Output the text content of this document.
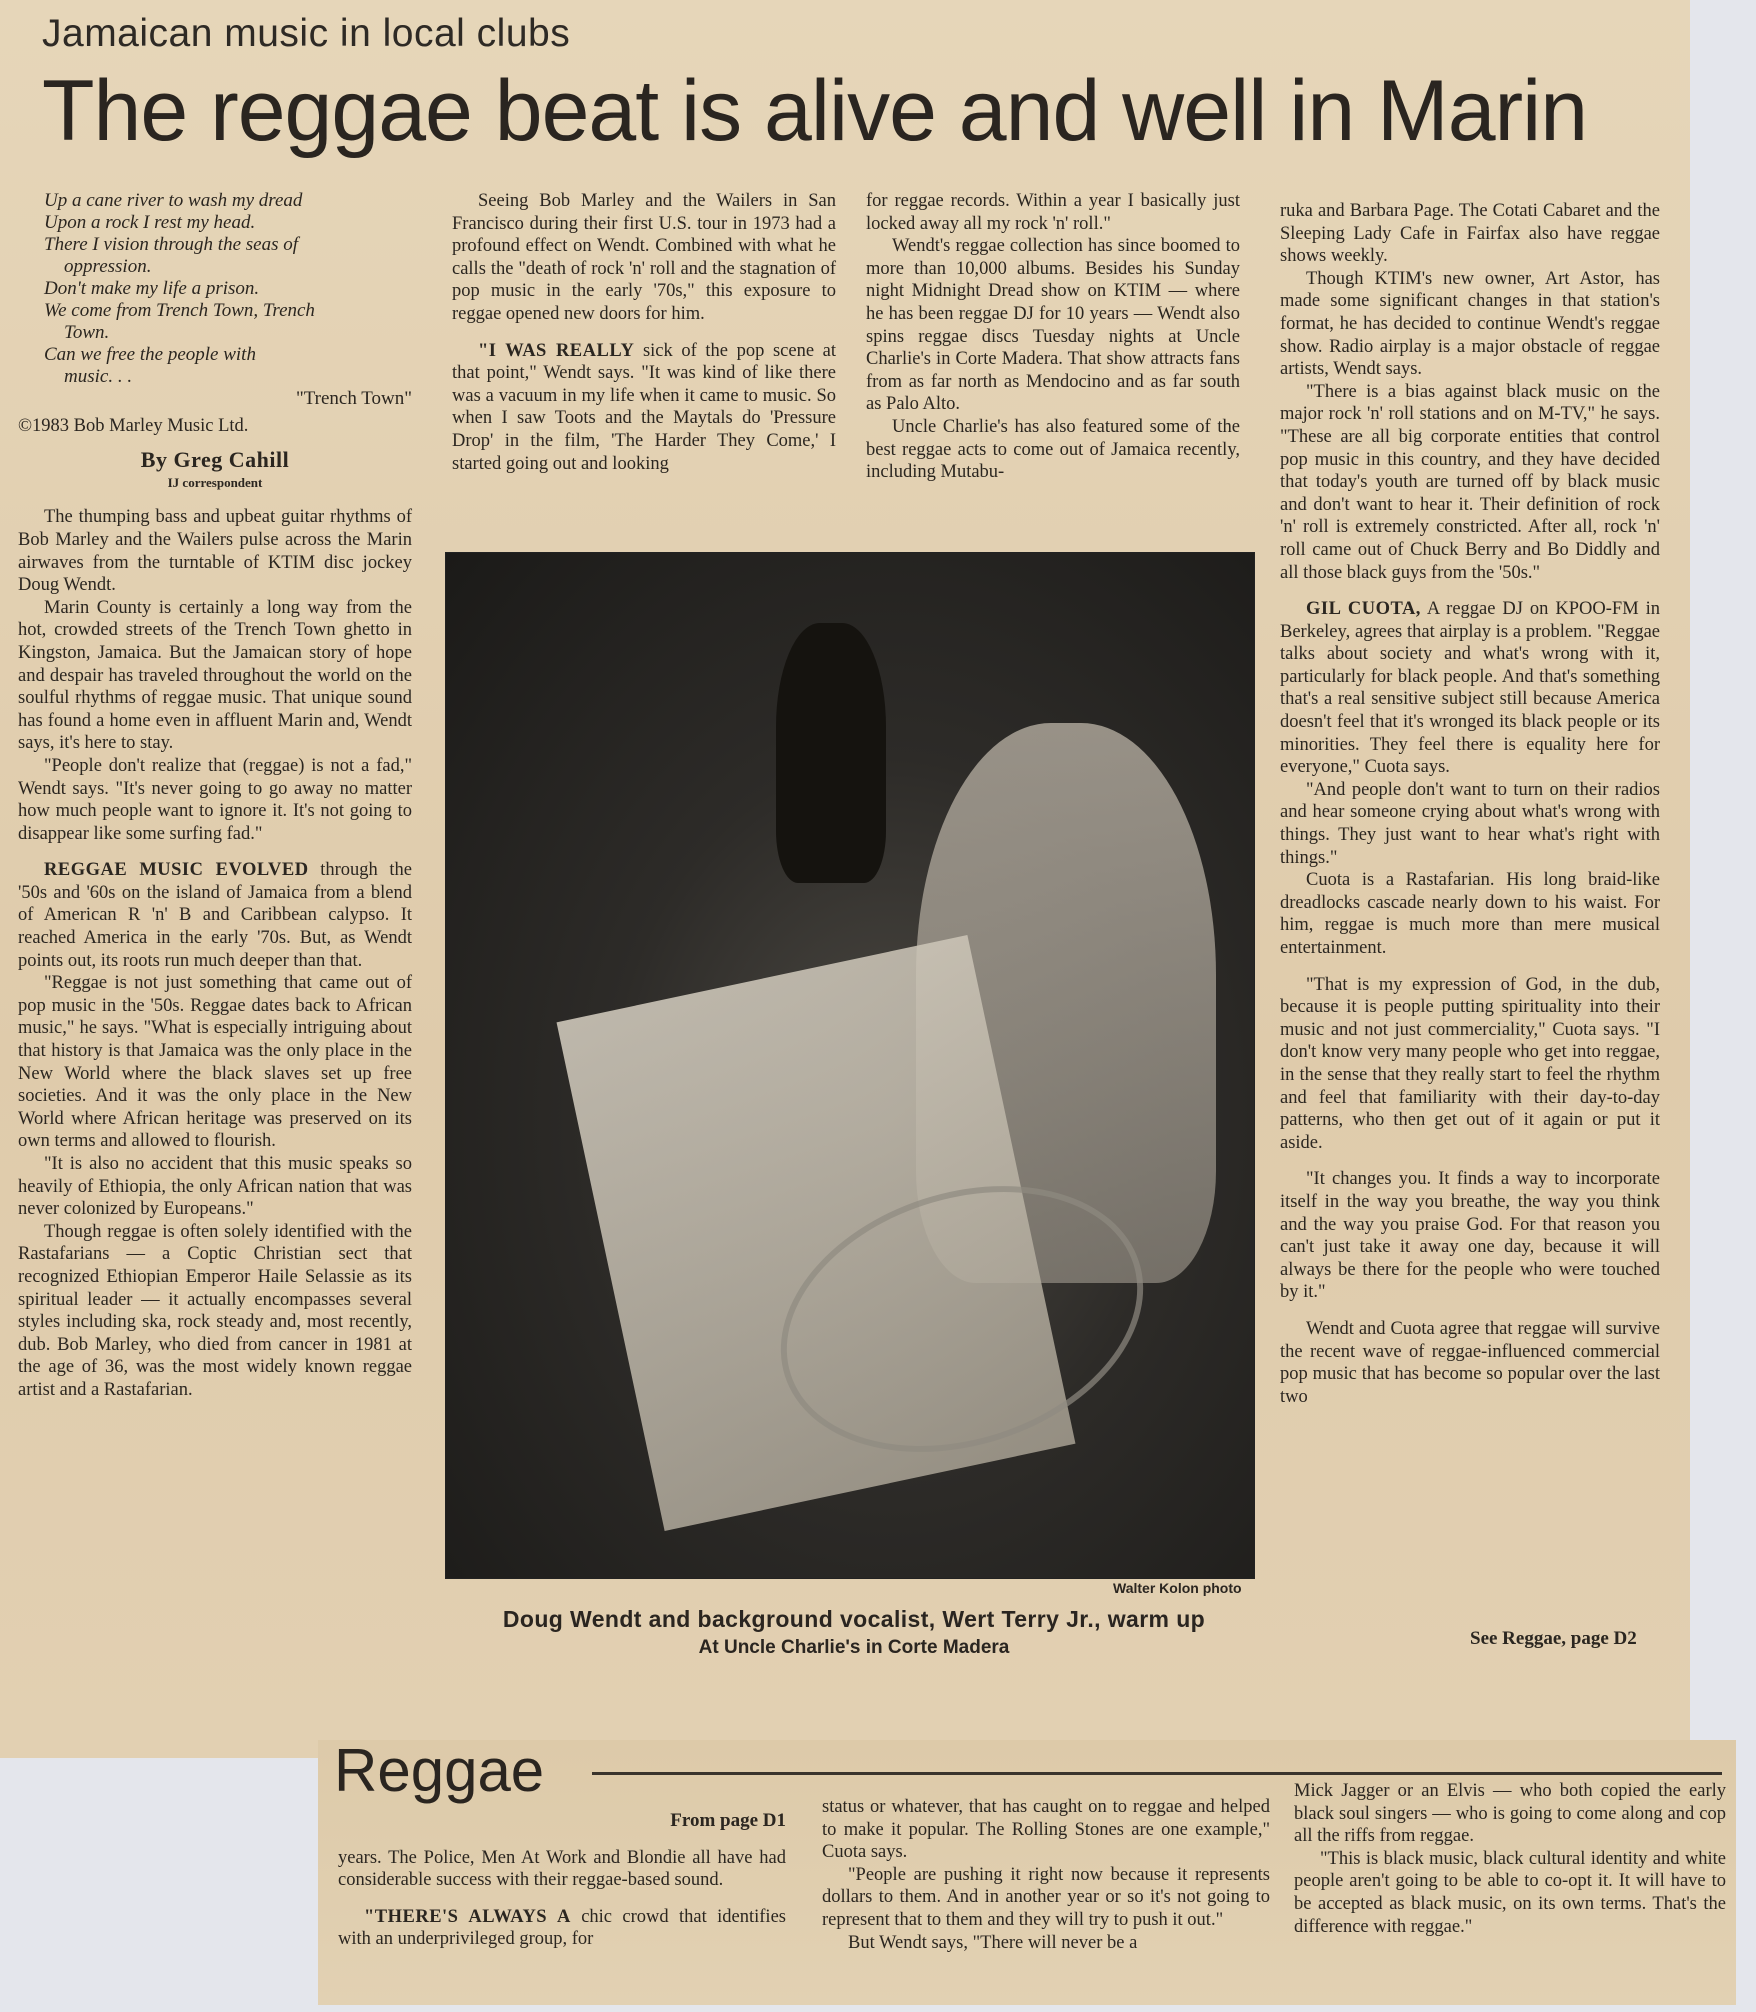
Jamaican music in local clubs
The reggae beat is alive and well in Marin
Up a cane river to wash my dread
Upon a rock I rest my head.
There I vision through the seas of
oppression.
Don't make my life a prison.
We come from Trench Town, Trench
Town.
Can we free the people with
music. . .
"Trench Town"
©1983 Bob Marley Music Ltd.
By Greg Cahill
IJ correspondent

The thumping bass and upbeat guitar rhythms of Bob Marley and the Wailers pulse across the Marin airwaves from the turntable of KTIM disc jockey Doug Wendt.

Marin County is certainly a long way from the hot, crowded streets of the Trench Town ghetto in Kingston, Jamaica. But the Jamaican story of hope and despair has traveled throughout the world on the soulful rhythms of reggae music. That unique sound has found a home even in affluent Marin and, Wendt says, it's here to stay.

"People don't realize that (reggae) is not a fad," Wendt says. "It's never going to go away no matter how much people want to ignore it. It's not going to disappear like some surfing fad."

REGGAE MUSIC EVOLVED through the '50s and '60s on the island of Jamaica from a blend of American R 'n' B and Caribbean calypso. It reached America in the early '70s. But, as Wendt points out, its roots run much deeper than that.

"Reggae is not just something that came out of pop music in the '50s. Reggae dates back to African music," he says. "What is especially intriguing about that history is that Jamaica was the only place in the New World where the black slaves set up free societies. And it was the only place in the New World where African heritage was preserved on its own terms and allowed to flourish.

"It is also no accident that this music speaks so heavily of Ethiopia, the only African nation that was never colonized by Europeans."

Though reggae is often solely identified with the Rastafarians — a Coptic Christian sect that recognized Ethiopian Emperor Haile Selassie as its spiritual leader — it actually encompasses several styles including ska, rock steady and, most recently, dub. Bob Marley, who died from cancer in 1981 at the age of 36, was the most widely known reggae artist and a Rastafarian.

Seeing Bob Marley and the Wailers in San Francisco during their first U.S. tour in 1973 had a profound effect on Wendt. Combined with what he calls the "death of rock 'n' roll and the stagnation of pop music in the early '70s," this exposure to reggae opened new doors for him.

"I WAS REALLY sick of the pop scene at that point," Wendt says. "It was kind of like there was a vacuum in my life when it came to music. So when I saw Toots and the Maytals do 'Pressure Drop' in the film, 'The Harder They Come,' I started going out and looking

for reggae records. Within a year I basically just locked away all my rock 'n' roll."

Wendt's reggae collection has since boomed to more than 10,000 albums. Besides his Sunday night Midnight Dread show on KTIM — where he has been reggae DJ for 10 years — Wendt also spins reggae discs Tuesday nights at Uncle Charlie's in Corte Madera. That show attracts fans from as far north as Mendocino and as far south as Palo Alto.

Uncle Charlie's has also featured some of the best reggae acts to come out of Jamaica recently, including Mutabu-

ruka and Barbara Page. The Cotati Cabaret and the Sleeping Lady Cafe in Fairfax also have reggae shows weekly.

Though KTIM's new owner, Art Astor, has made some significant changes in that station's format, he has decided to continue Wendt's reggae show. Radio airplay is a major obstacle of reggae artists, Wendt says.

"There is a bias against black music on the major rock 'n' roll stations and on M-TV," he says. "These are all big corporate entities that control pop music in this country, and they have decided that today's youth are turned off by black music and don't want to hear it. Their definition of rock 'n' roll is extremely constricted. After all, rock 'n' roll came out of Chuck Berry and Bo Diddly and all those black guys from the '50s."

GIL CUOTA, A reggae DJ on KPOO-FM in Berkeley, agrees that airplay is a problem. "Reggae talks about society and what's wrong with it, particularly for black people. And that's something that's a real sensitive subject still because America doesn't feel that it's wronged its black people or its minorities. They feel there is equality here for everyone," Cuota says.

"And people don't want to turn on their radios and hear someone crying about what's wrong with things. They just want to hear what's right with things."

Cuota is a Rastafarian. His long braid-like dreadlocks cascade nearly down to his waist. For him, reggae is much more than mere musical entertainment.

"That is my expression of God, in the dub, because it is people putting spirituality into their music and not just commerciality," Cuota says. "I don't know very many people who get into reggae, in the sense that they really start to feel the rhythm and feel that familiarity with their day-to-day patterns, who then get out of it again or put it aside.

"It changes you. It finds a way to incorporate itself in the way you breathe, the way you think and the way you praise God. For that reason you can't just take it away one day, because it will always be there for the people who were touched by it."

Wendt and Cuota agree that reggae will survive the recent wave of reggae-influenced commercial pop music that has become so popular over the last two

Walter Kolon photo
Doug Wendt and background vocalist, Wert Terry Jr., warm up
At Uncle Charlie's in Corte Madera	See Reggae, page D2
Reggae
From page D1

years. The Police, Men At Work and Blondie all have had considerable success with their reggae-based sound.

"THERE'S ALWAYS A chic crowd that identifies with an underprivileged group, for

status or whatever, that has caught on to reggae and helped to make it popular. The Rolling Stones are one example," Cuota says.

"People are pushing it right now because it represents dollars to them. And in another year or so it's not going to represent that to them and they will try to push it out."

But Wendt says, "There will never be a

Mick Jagger or an Elvis — who both copied the early black soul singers — who is going to come along and cop all the riffs from reggae.

"This is black music, black cultural identity and white people aren't going to be able to co-opt it. It will have to be accepted as black music, on its own terms. That's the difference with reggae."
